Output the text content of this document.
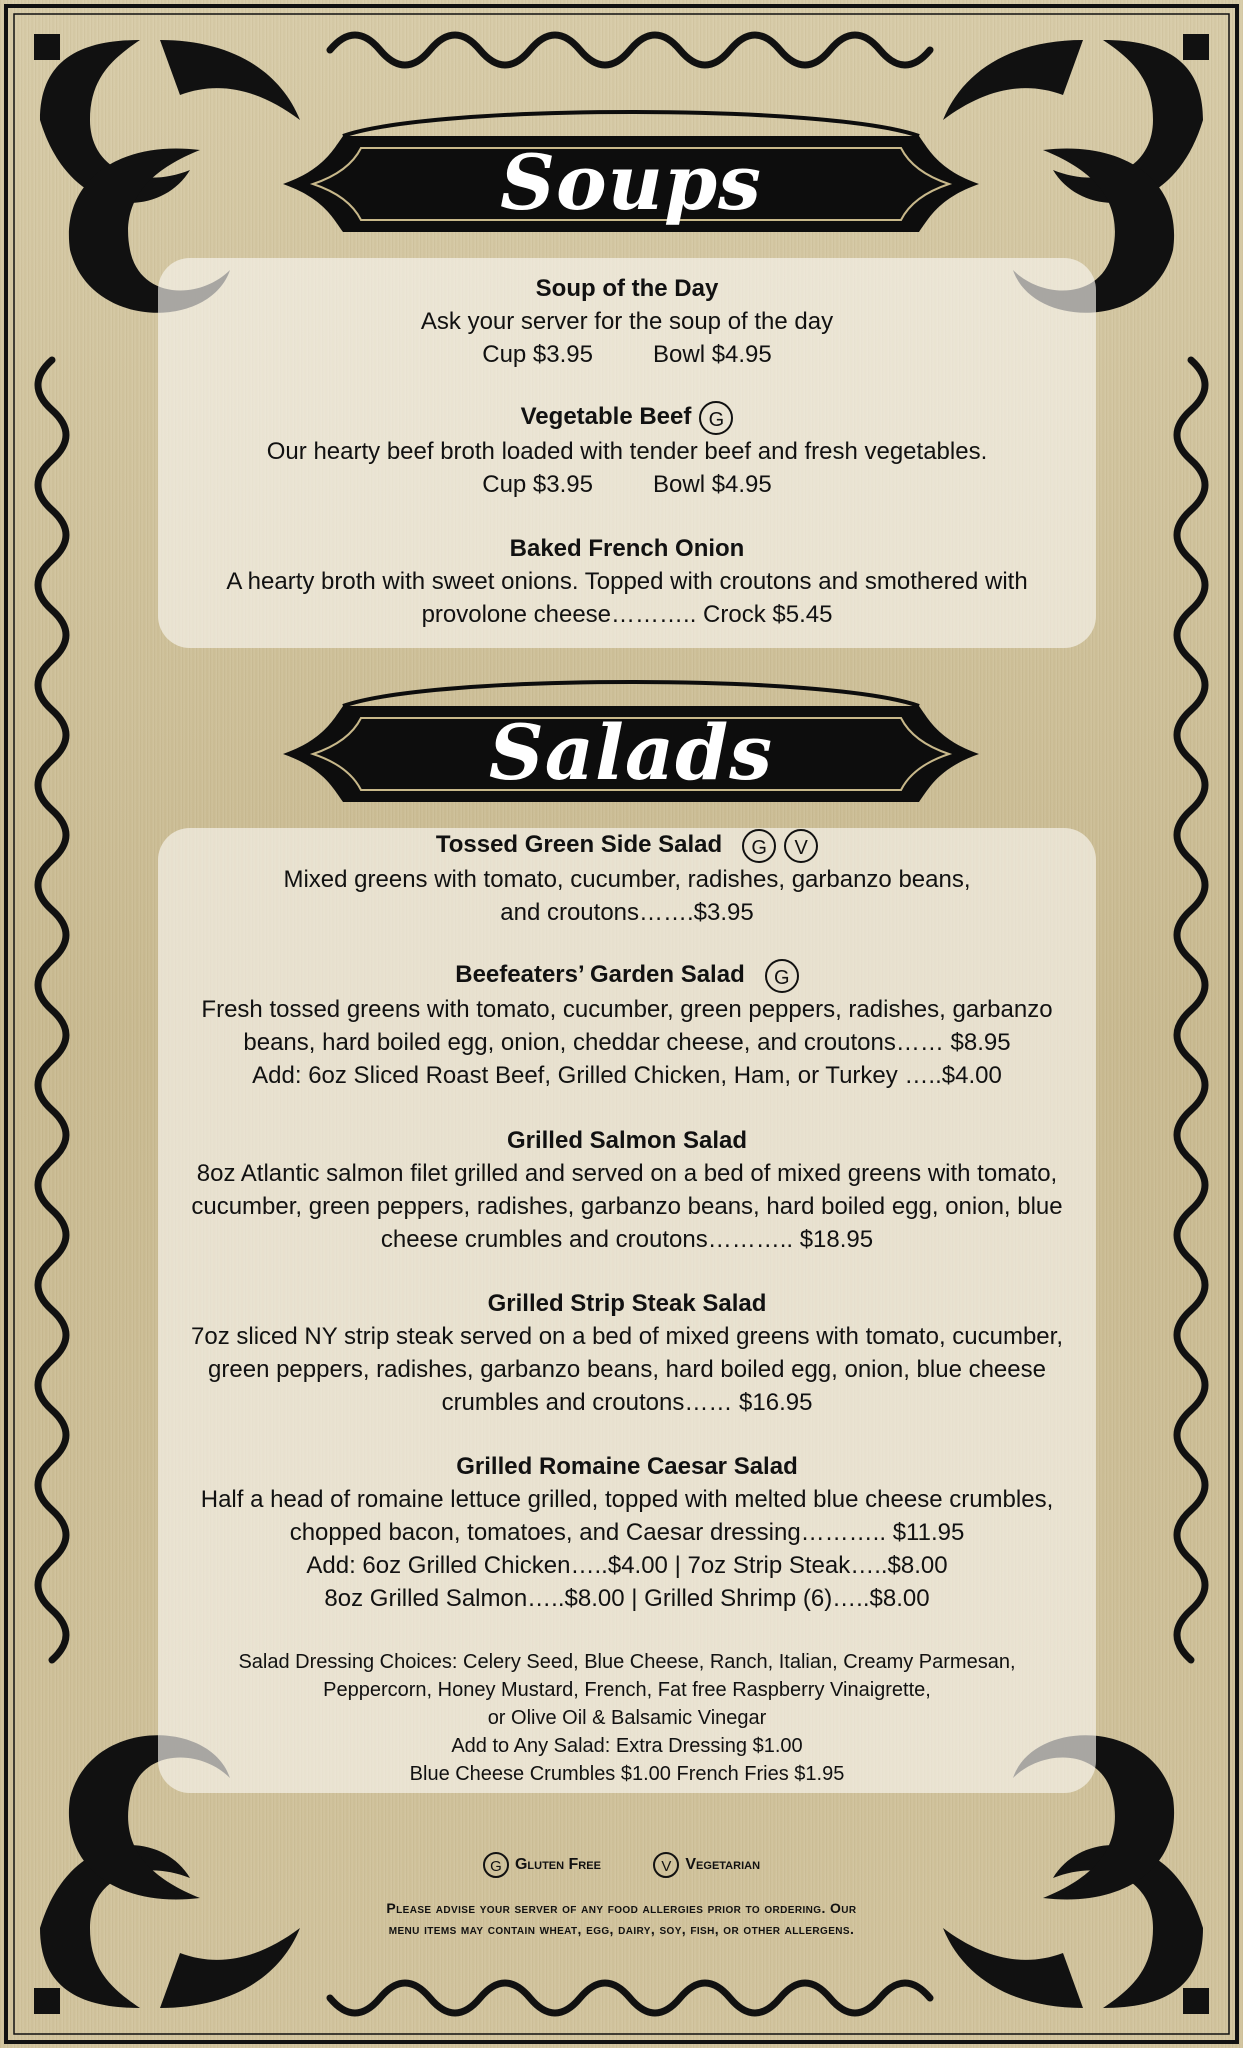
Soups
Soup of the Day
Ask your server for the soup of the day
Cup $3.95	Bowl $4.95
Vegetable Beef G
Our hearty beef broth loaded with tender beef and fresh vegetables.
Cup $3.95	Bowl $4.95
Baked French Onion
A hearty broth with sweet onions. Topped with croutons and smothered with
provolone cheese……….. Crock $5.45
Salads
Tossed Green Side Salad G V
Mixed greens with tomato, cucumber, radishes, garbanzo beans,
and croutons…….$3.95
Beefeaters’ Garden Salad G
Fresh tossed greens with tomato, cucumber, green peppers, radishes, garbanzo
beans, hard boiled egg, onion, cheddar cheese, and croutons…… $8.95
Add: 6oz Sliced Roast Beef, Grilled Chicken, Ham, or Turkey …..$4.00
Grilled Salmon Salad
8oz Atlantic salmon filet grilled and served on a bed of mixed greens with tomato,
cucumber, green peppers, radishes, garbanzo beans, hard boiled egg, onion, blue
cheese crumbles and croutons……….. $18.95
Grilled Strip Steak Salad
7oz sliced NY strip steak served on a bed of mixed greens with tomato, cucumber,
green peppers, radishes, garbanzo beans, hard boiled egg, onion, blue cheese
crumbles and croutons…… $16.95
Grilled Romaine Caesar Salad
Half a head of romaine lettuce grilled, topped with melted blue cheese crumbles,
chopped bacon, tomatoes, and Caesar dressing……….. $11.95
Add: 6oz Grilled Chicken…..$4.00 | 7oz Strip Steak…..$8.00
8oz Grilled Salmon…..$8.00 | Grilled Shrimp (6)…..$8.00
Salad Dressing Choices: Celery Seed, Blue Cheese, Ranch, Italian, Creamy Parmesan,
Peppercorn, Honey Mustard, French, Fat free Raspberry Vinaigrette,
or Olive Oil & Balsamic Vinegar
Add to Any Salad: Extra Dressing $1.00
Blue Cheese Crumbles $1.00 French Fries $1.95
G Gluten Free
	V Vegetarian
Please advise your server of any food allergies prior to ordering. Our
menu items may contain wheat, egg, dairy, soy, fish, or other allergens.
